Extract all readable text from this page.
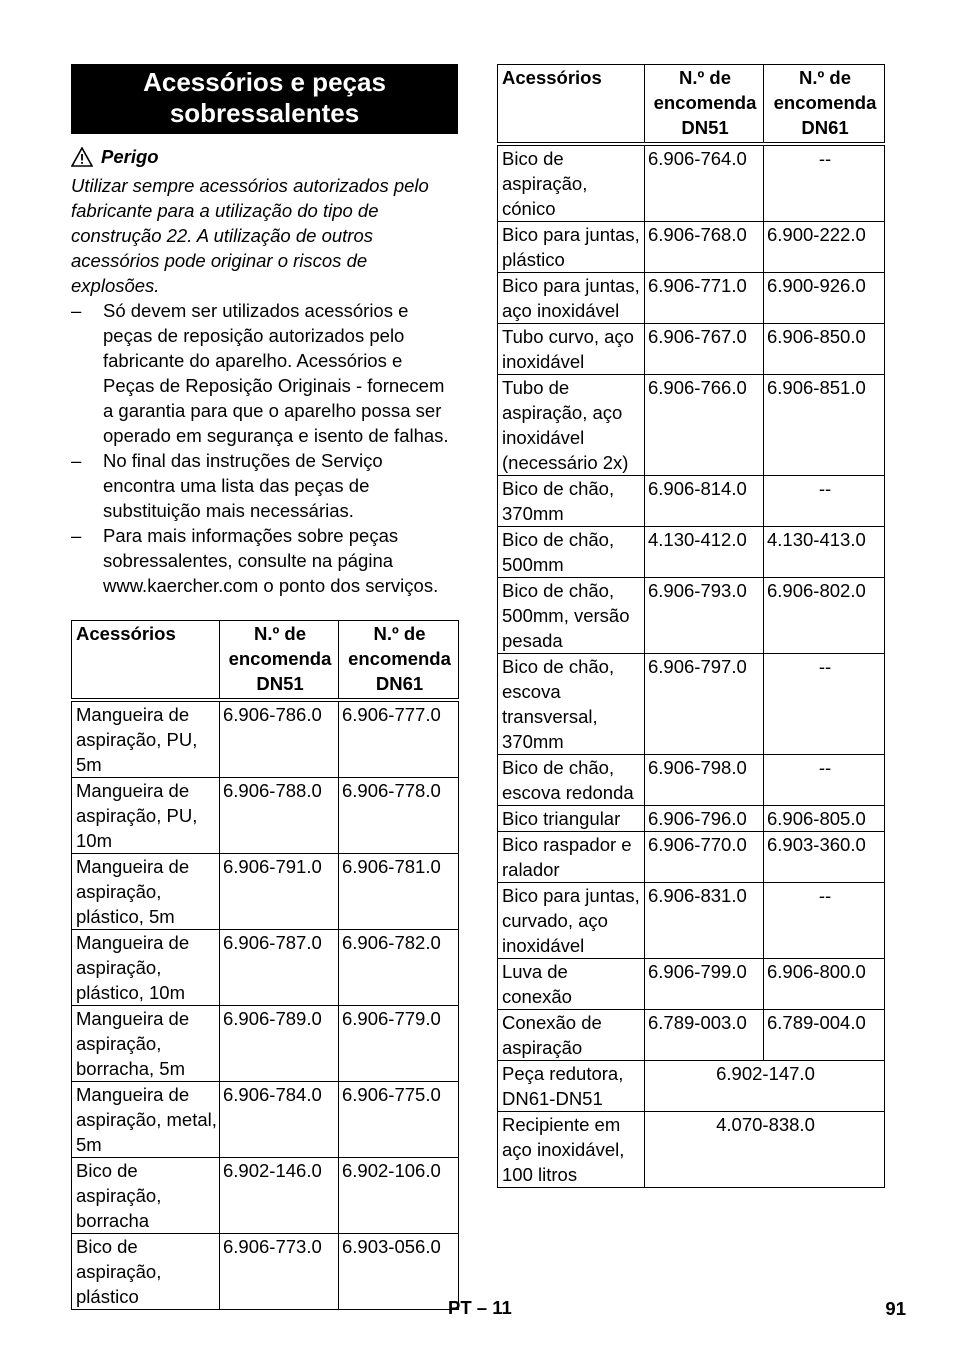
Acessórios e peças
sobressalentes
Perigo
Utilizar sempre acessórios autorizados pelo fabricante para a utilização do tipo de construção 22. A utilização de outros acessórios pode originar o riscos de explosões.
–	Só devem ser utilizados acessórios e peças de reposição autorizados pelo fabricante do aparelho. Acessórios e Peças de Reposição Originais - fornecem a garantia para que o aparelho possa ser operado em segurança e isento de falhas.
–	No final das instruções de Serviço encontra uma lista das peças de substituição mais necessárias.
–	Para mais informações sobre peças sobressalentes, consulte na página www.kaercher.com o ponto dos serviços.
Acessórios	N.º de encomenda DN51	N.º de encomenda DN61
Mangueira de aspiração, PU, 5m	6.906-786.0	6.906-777.0
Mangueira de aspiração, PU, 10m	6.906-788.0	6.906-778.0
Mangueira de aspiração, plástico, 5m	6.906-791.0	6.906-781.0
Mangueira de aspiração, plástico, 10m	6.906-787.0	6.906-782.0
Mangueira de aspiração, borracha, 5m	6.906-789.0	6.906-779.0
Mangueira de aspiração, metal, 5m	6.906-784.0	6.906-775.0
Bico de aspiração, borracha	6.902-146.0	6.902-106.0
Bico de aspiração, plástico	6.906-773.0	6.903-056.0
Acessórios	N.º de encomenda DN51	N.º de encomenda DN61
Bico de aspiração, cónico	6.906-764.0	--
Bico para juntas, plástico	6.906-768.0	6.900-222.0
Bico para juntas, aço inoxidável	6.906-771.0	6.900-926.0
Tubo curvo, aço inoxidável	6.906-767.0	6.906-850.0
Tubo de aspiração, aço inoxidável (necessário 2x)	6.906-766.0	6.906-851.0
Bico de chão, 370mm	6.906-814.0	--
Bico de chão, 500mm	4.130-412.0	4.130-413.0
Bico de chão, 500mm, versão pesada	6.906-793.0	6.906-802.0
Bico de chão, escova transversal, 370mm	6.906-797.0	--
Bico de chão, escova redonda	6.906-798.0	--
Bico triangular	6.906-796.0	6.906-805.0
Bico raspador e ralador	6.906-770.0	6.903-360.0
Bico para juntas, curvado, aço inoxidável	6.906-831.0	--
Luva de conexão	6.906-799.0	6.906-800.0
Conexão de aspiração	6.789-003.0	6.789-004.0
Peça redutora, DN61-DN51	6.902-147.0	
Recipiente em aço inoxidável, 100 litros	4.070-838.0	
PT – 11	91
